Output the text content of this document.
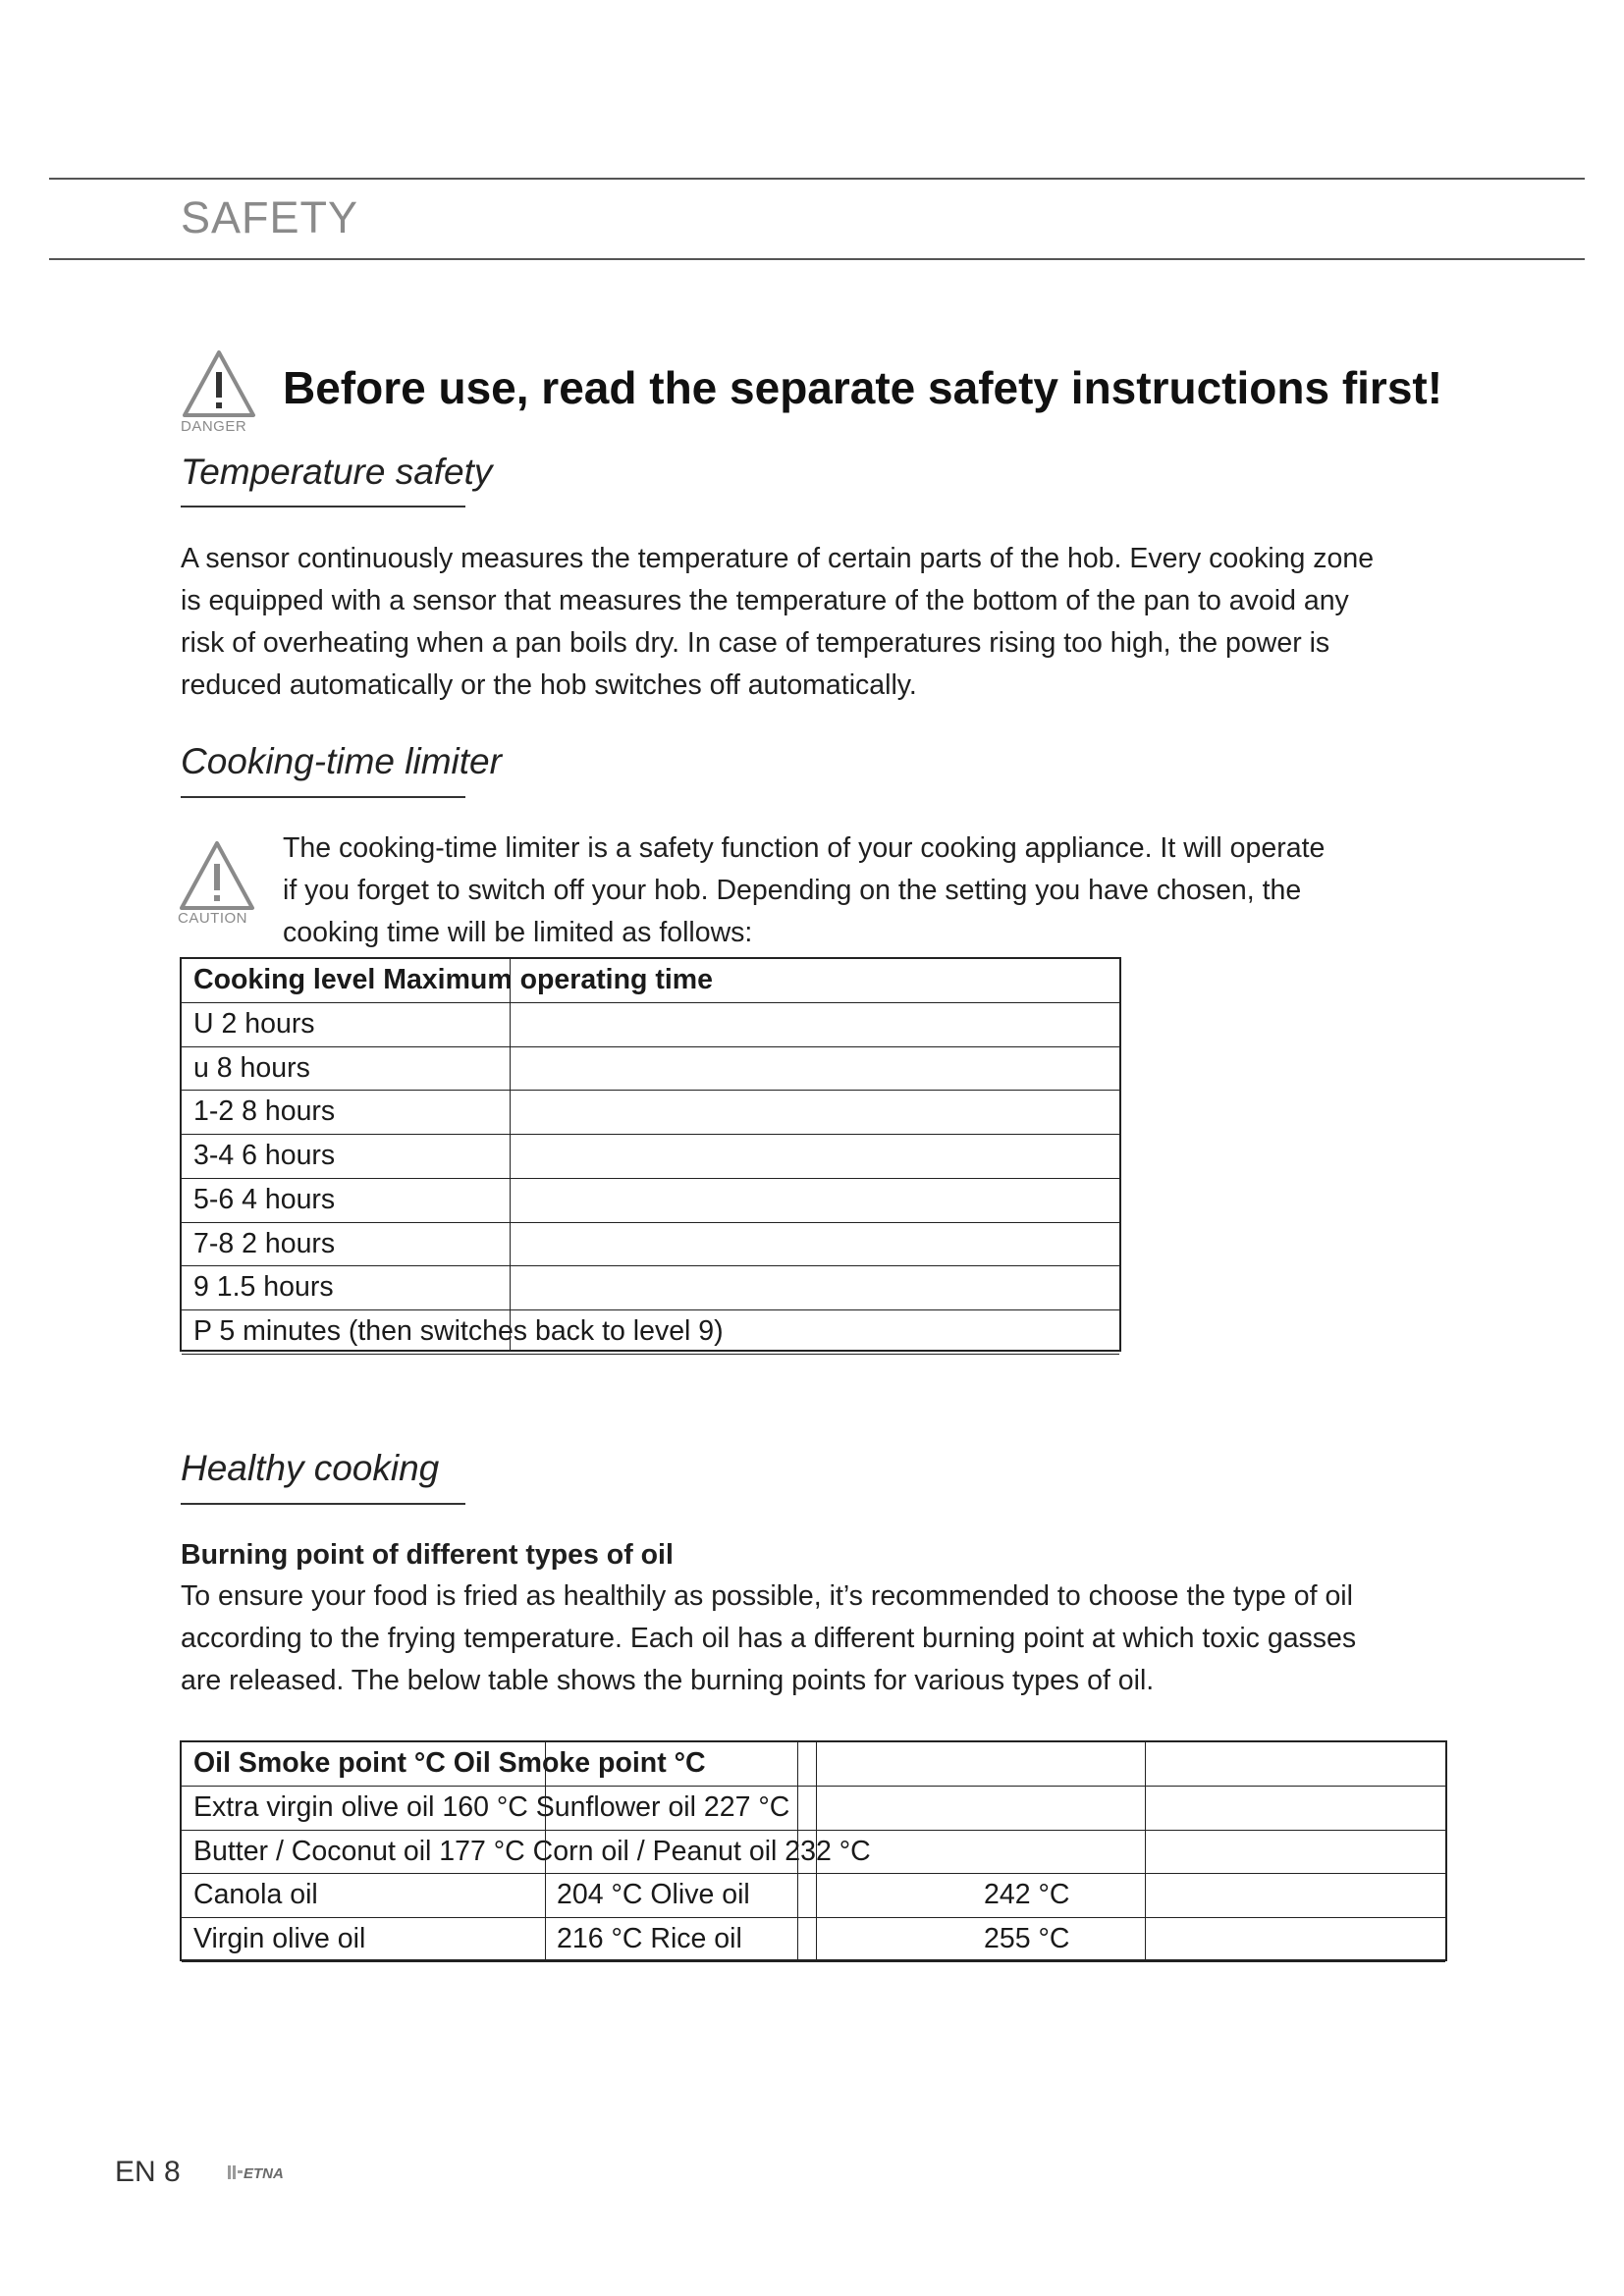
SAFETY
DANGER
Before use, read the separate safety instructions first!
Temperature safety

A sensor continuously measures the temperature of certain parts of the hob. Every cooking zone

is equipped with a sensor that measures the temperature of the bottom of the pan to avoid any

risk of overheating when a pan boils dry. In case of temperatures rising too high, the power is

reduced automatically or the hob switches off automatically.

Cooking-time limiter
CAUTION

The cooking-time limiter is a safety function of your cooking appliance. It will operate

if you forget to switch off your hob. Depending on the setting you have chosen, the

cooking time will be limited as follows:

Cooking level Maximum operating time
U 2 hours
u 8 hours
1-2 8 hours
3-4 6 hours
5-6 4 hours
7-8 2 hours
9 1.5 hours
P 5 minutes (then switches back to level 9)
Healthy cooking

Burning point of different types of oil

To ensure your food is fried as healthily as possible, it’s recommended to choose the type of oil

according to the frying temperature. Each oil has a different burning point at which toxic gasses

are released. The below table shows the burning points for various types of oil.

Oil Smoke point °C Oil Smoke point °C
Extra virgin olive oil 160 °C Sunflower oil 227 °C
Butter / Coconut oil 177 °C Corn oil / Peanut oil 232 °C
Canola oil	204 °C Olive oil	242 °C
Virgin olive oil	216 °C Rice oil	255 °C
EN 8	ETNA
